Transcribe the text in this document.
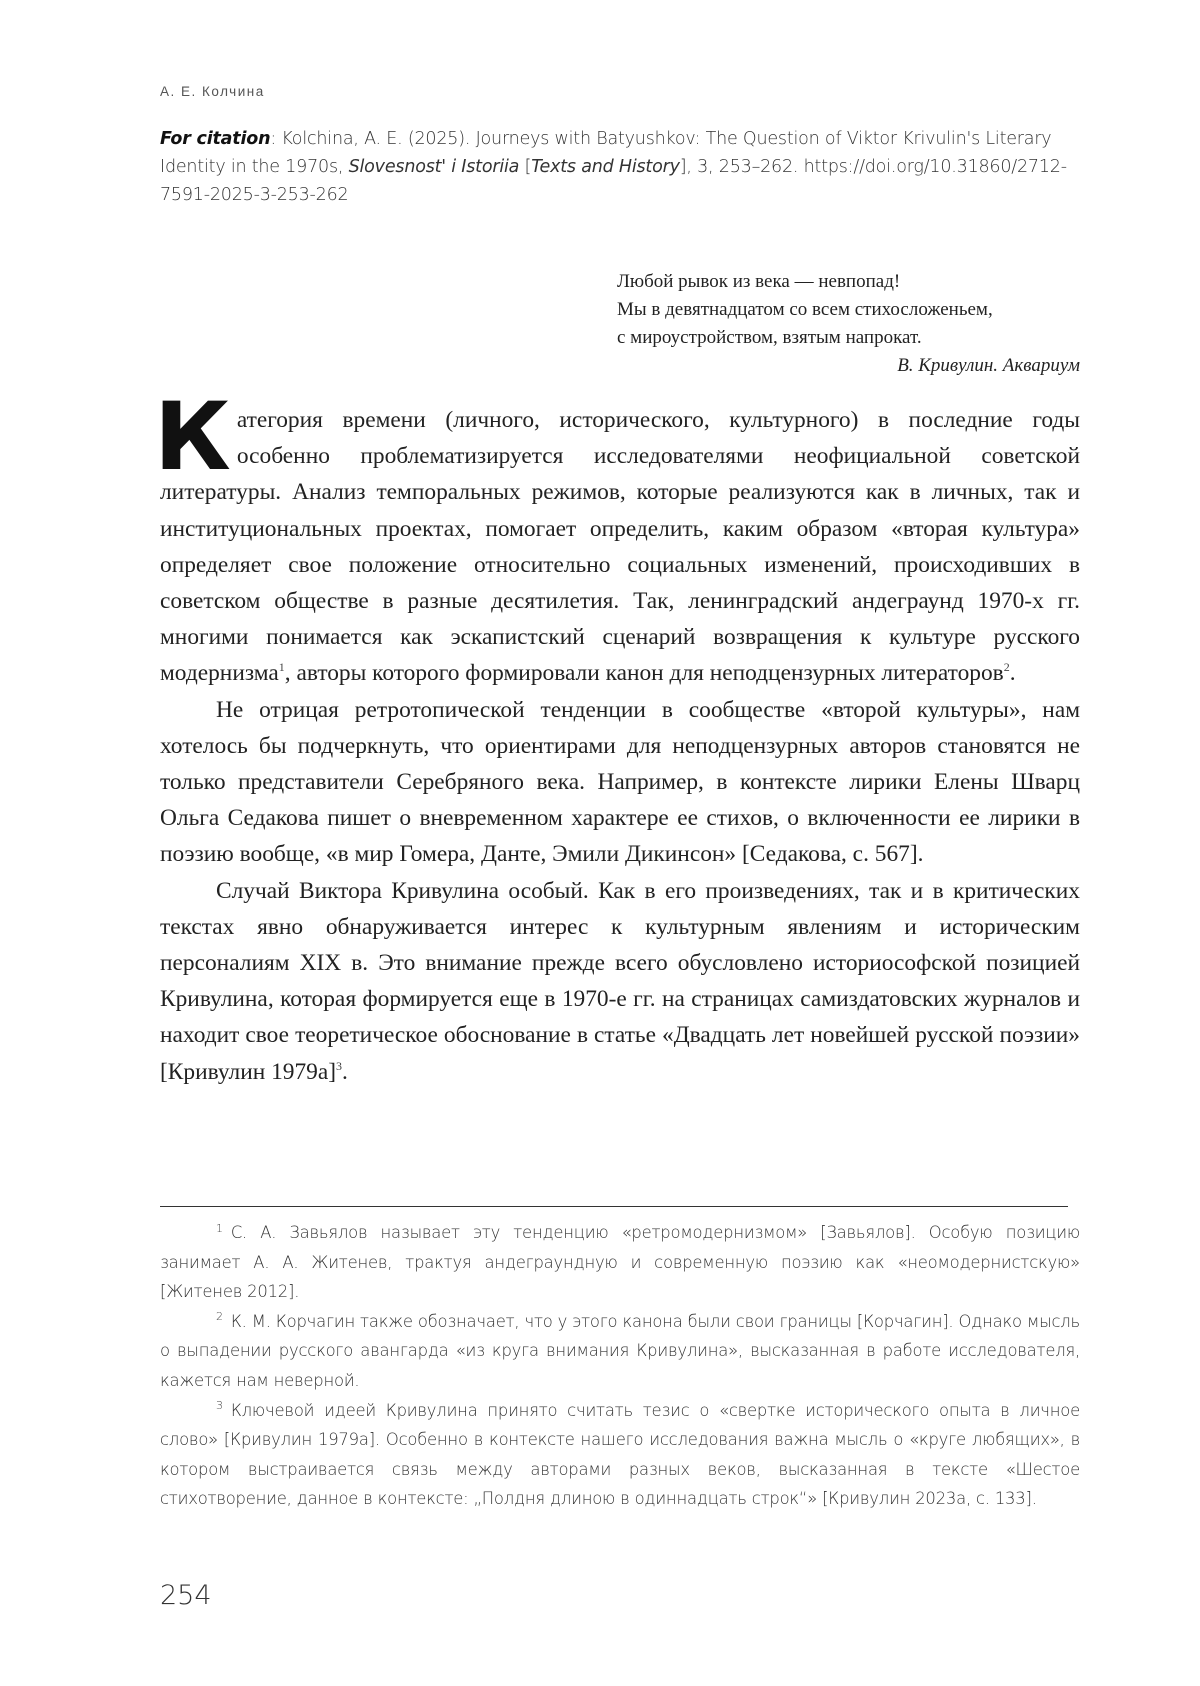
А. Е. Колчина
For citation: Kolchina, A. E. (2025). Journeys with Batyushkov: The Question of Viktor Krivulin's Literary Identity in the 1970s, Slovesnost' i Istoriia [Texts and History], 3, 253–262. https://doi.org/10.31860/2712-7591-2025-3-253-262
Любой рывок из века — невпопад!
Мы в девятнадцатом со всем стихосложеньем,
с мироустройством, взятым напрокат.
В. Кривулин. Аквариум

К атегория времени (личного, исторического, культурного) в последние годы особенно проблематизируется исследователями неофициальной советской литературы. Анализ темпоральных режимов, которые реализуются как в личных, так и институциональных проектах, помогает определить, каким образом «вторая культура» определяет свое положение относительно социальных изменений, происходивших в советском обществе в разные десятилетия. Так, ленинградский андеграунд 1970-х гг. многими понимается как эскапистский сценарий возвращения к культуре русского модернизма1, авторы которого формировали канон для неподцензурных литераторов2.

Не отрицая ретротопической тенденции в сообществе «второй культуры», нам хотелось бы подчеркнуть, что ориентирами для неподцензурных авторов становятся не только представители Серебряного века. Например, в контексте лирики Елены Шварц Ольга Седакова пишет о вневременном характере ее стихов, о включенности ее лирики в поэзию вообще, «в мир Гомера, Данте, Эмили Дикинсон» [Седакова, с. 567].

Случай Виктора Кривулина особый. Как в его произведениях, так и в критических текстах явно обнаруживается интерес к культурным явлениям и историческим персоналиям XIX в. Это внимание прежде всего обусловлено историософской позицией Кривулина, которая формируется еще в 1970-е гг. на страницах самиздатовских журналов и находит свое теоретическое обоснование в статье «Двадцать лет новейшей русской поэзии» [Кривулин 1979а]3.

1 С. А. Завьялов называет эту тенденцию «ретромодернизмом» [Завьялов]. Особую позицию занимает А. А. Житенев, трактуя андеграундную и современную поэзию как «неомодернистскую» [Житенев 2012].

2 К. М. Корчагин также обозначает, что у этого канона были свои границы [Корчагин]. Однако мысль о выпадении русского авангарда «из круга внимания Кривулина», высказанная в работе исследователя, кажется нам неверной.

3 Ключевой идеей Кривулина принято считать тезис о «свертке исторического опыта в личное слово» [Кривулин 1979а]. Особенно в контексте нашего исследования важна мысль о «круге любящих», в котором выстраивается связь между авторами разных веков, высказанная в тексте «Шестое стихотворение, данное в контексте: „Полдня длиною в одиннадцать строк“» [Кривулин 2023а, с. 133].

254
